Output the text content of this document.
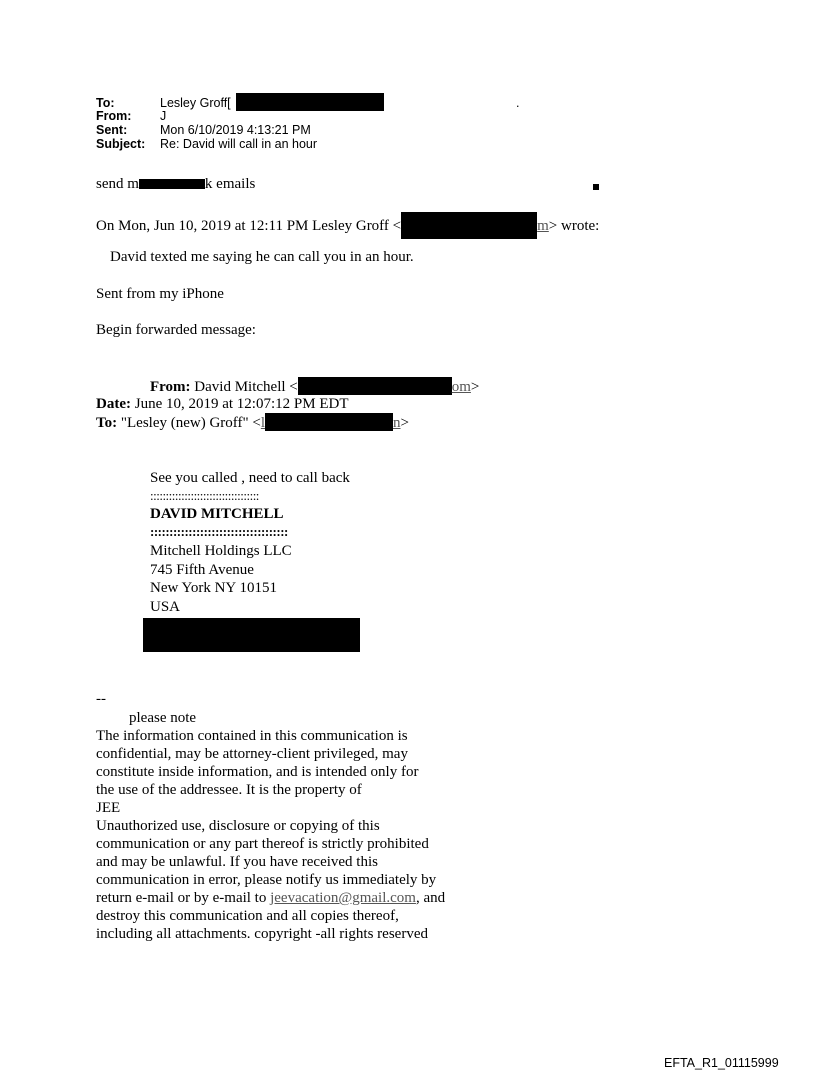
To:	Lesley Groff[	.
From: J
Sent:	Mon 6/10/2019 4:13:21 PM
Subject: Re: David will call in an hour
send m	k emails
On Mon, Jun 10, 2019 at 12:11 PM Lesley Groff <	m> wrote:
David texted me saying he can call you in an hour.
Sent from my iPhone
Begin forwarded message:
From: David Mitchell <	om>
Date: June 10, 2019 at 12:07:12 PM EDT
To: "Lesley (new) Groff" <l	n>
See you called , need to call back
:::::::::::::::::::::::::::::::::::
DAVID MITCHELL
::::::::::::::::::::::::::::::::::::
Mitchell Holdings LLC
745 Fifth Avenue
New York NY 10151
USA
--
please note
The information contained in this communication is
confidential, may be attorney-client privileged, may
constitute inside information, and is intended only for
the use of the addressee. It is the property of
JEE
Unauthorized use, disclosure or copying of this
communication or any part thereof is strictly prohibited
and may be unlawful. If you have received this
communication in error, please notify us immediately by
return e-mail or by e-mail to jeevacation@gmail.com, and
destroy this communication and all copies thereof,
including all attachments. copyright -all rights reserved
EFTA_R1_01115999
